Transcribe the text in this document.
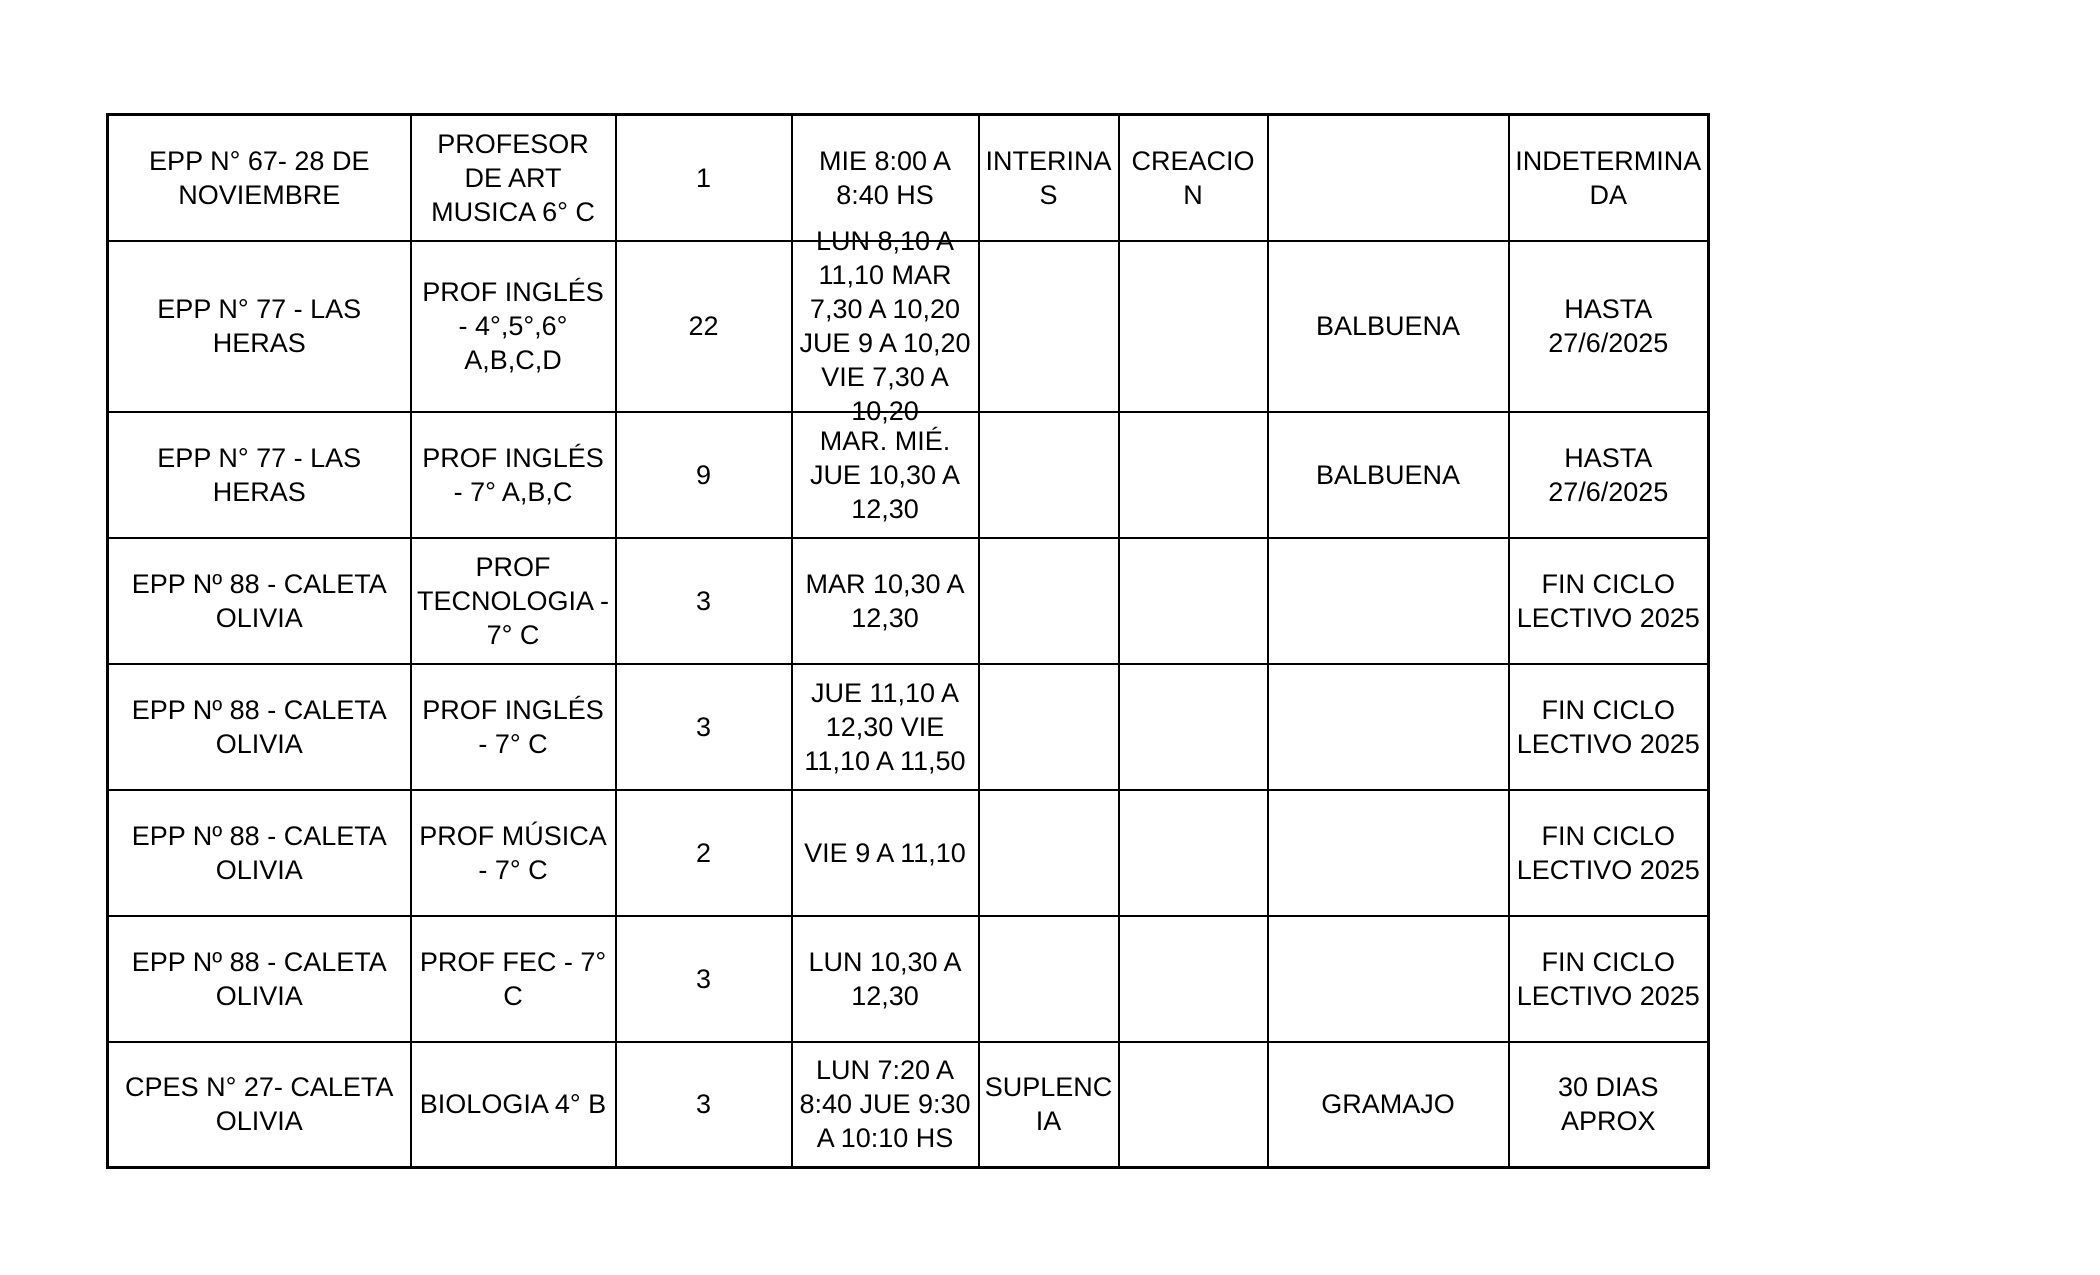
EPP N° 67- 28 DE NOVIEMBRE	PROFESOR DE ART MUSICA 6° C	1	MIE 8:00 A 8:40 HS	INTERINAS	CREACION		INDETERMINADA
EPP N° 77 - LAS HERAS	PROF INGLÉS - 4°,5°,6° A,B,C,D	22	LUN 8,10 A 11,10 MAR 7,30 A 10,20 JUE 9 A 10,20 VIE 7,30 A 10,20			BALBUENA	HASTA 27/6/2025
EPP N° 77 - LAS HERAS	PROF INGLÉS - 7° A,B,C	9	MAR. MIÉ. JUE 10,30 A 12,30			BALBUENA	HASTA 27/6/2025
EPP Nº 88 - CALETA OLIVIA	PROF TECNOLOGIA - 7° C	3	MAR 10,30 A 12,30				FIN CICLO LECTIVO 2025
EPP Nº 88 - CALETA OLIVIA	PROF INGLÉS - 7° C	3	JUE 11,10 A 12,30 VIE 11,10 A 11,50				FIN CICLO LECTIVO 2025
EPP Nº 88 - CALETA OLIVIA	PROF MÚSICA - 7° C	2	VIE 9 A 11,10				FIN CICLO LECTIVO 2025
EPP Nº 88 - CALETA OLIVIA	PROF FEC - 7° C	3	LUN 10,30 A 12,30				FIN CICLO LECTIVO 2025
CPES N° 27- CALETA OLIVIA	BIOLOGIA 4° B	3	LUN 7:20 A 8:40 JUE 9:30 A 10:10 HS	SUPLENCIA		GRAMAJO	30 DIAS APROX
